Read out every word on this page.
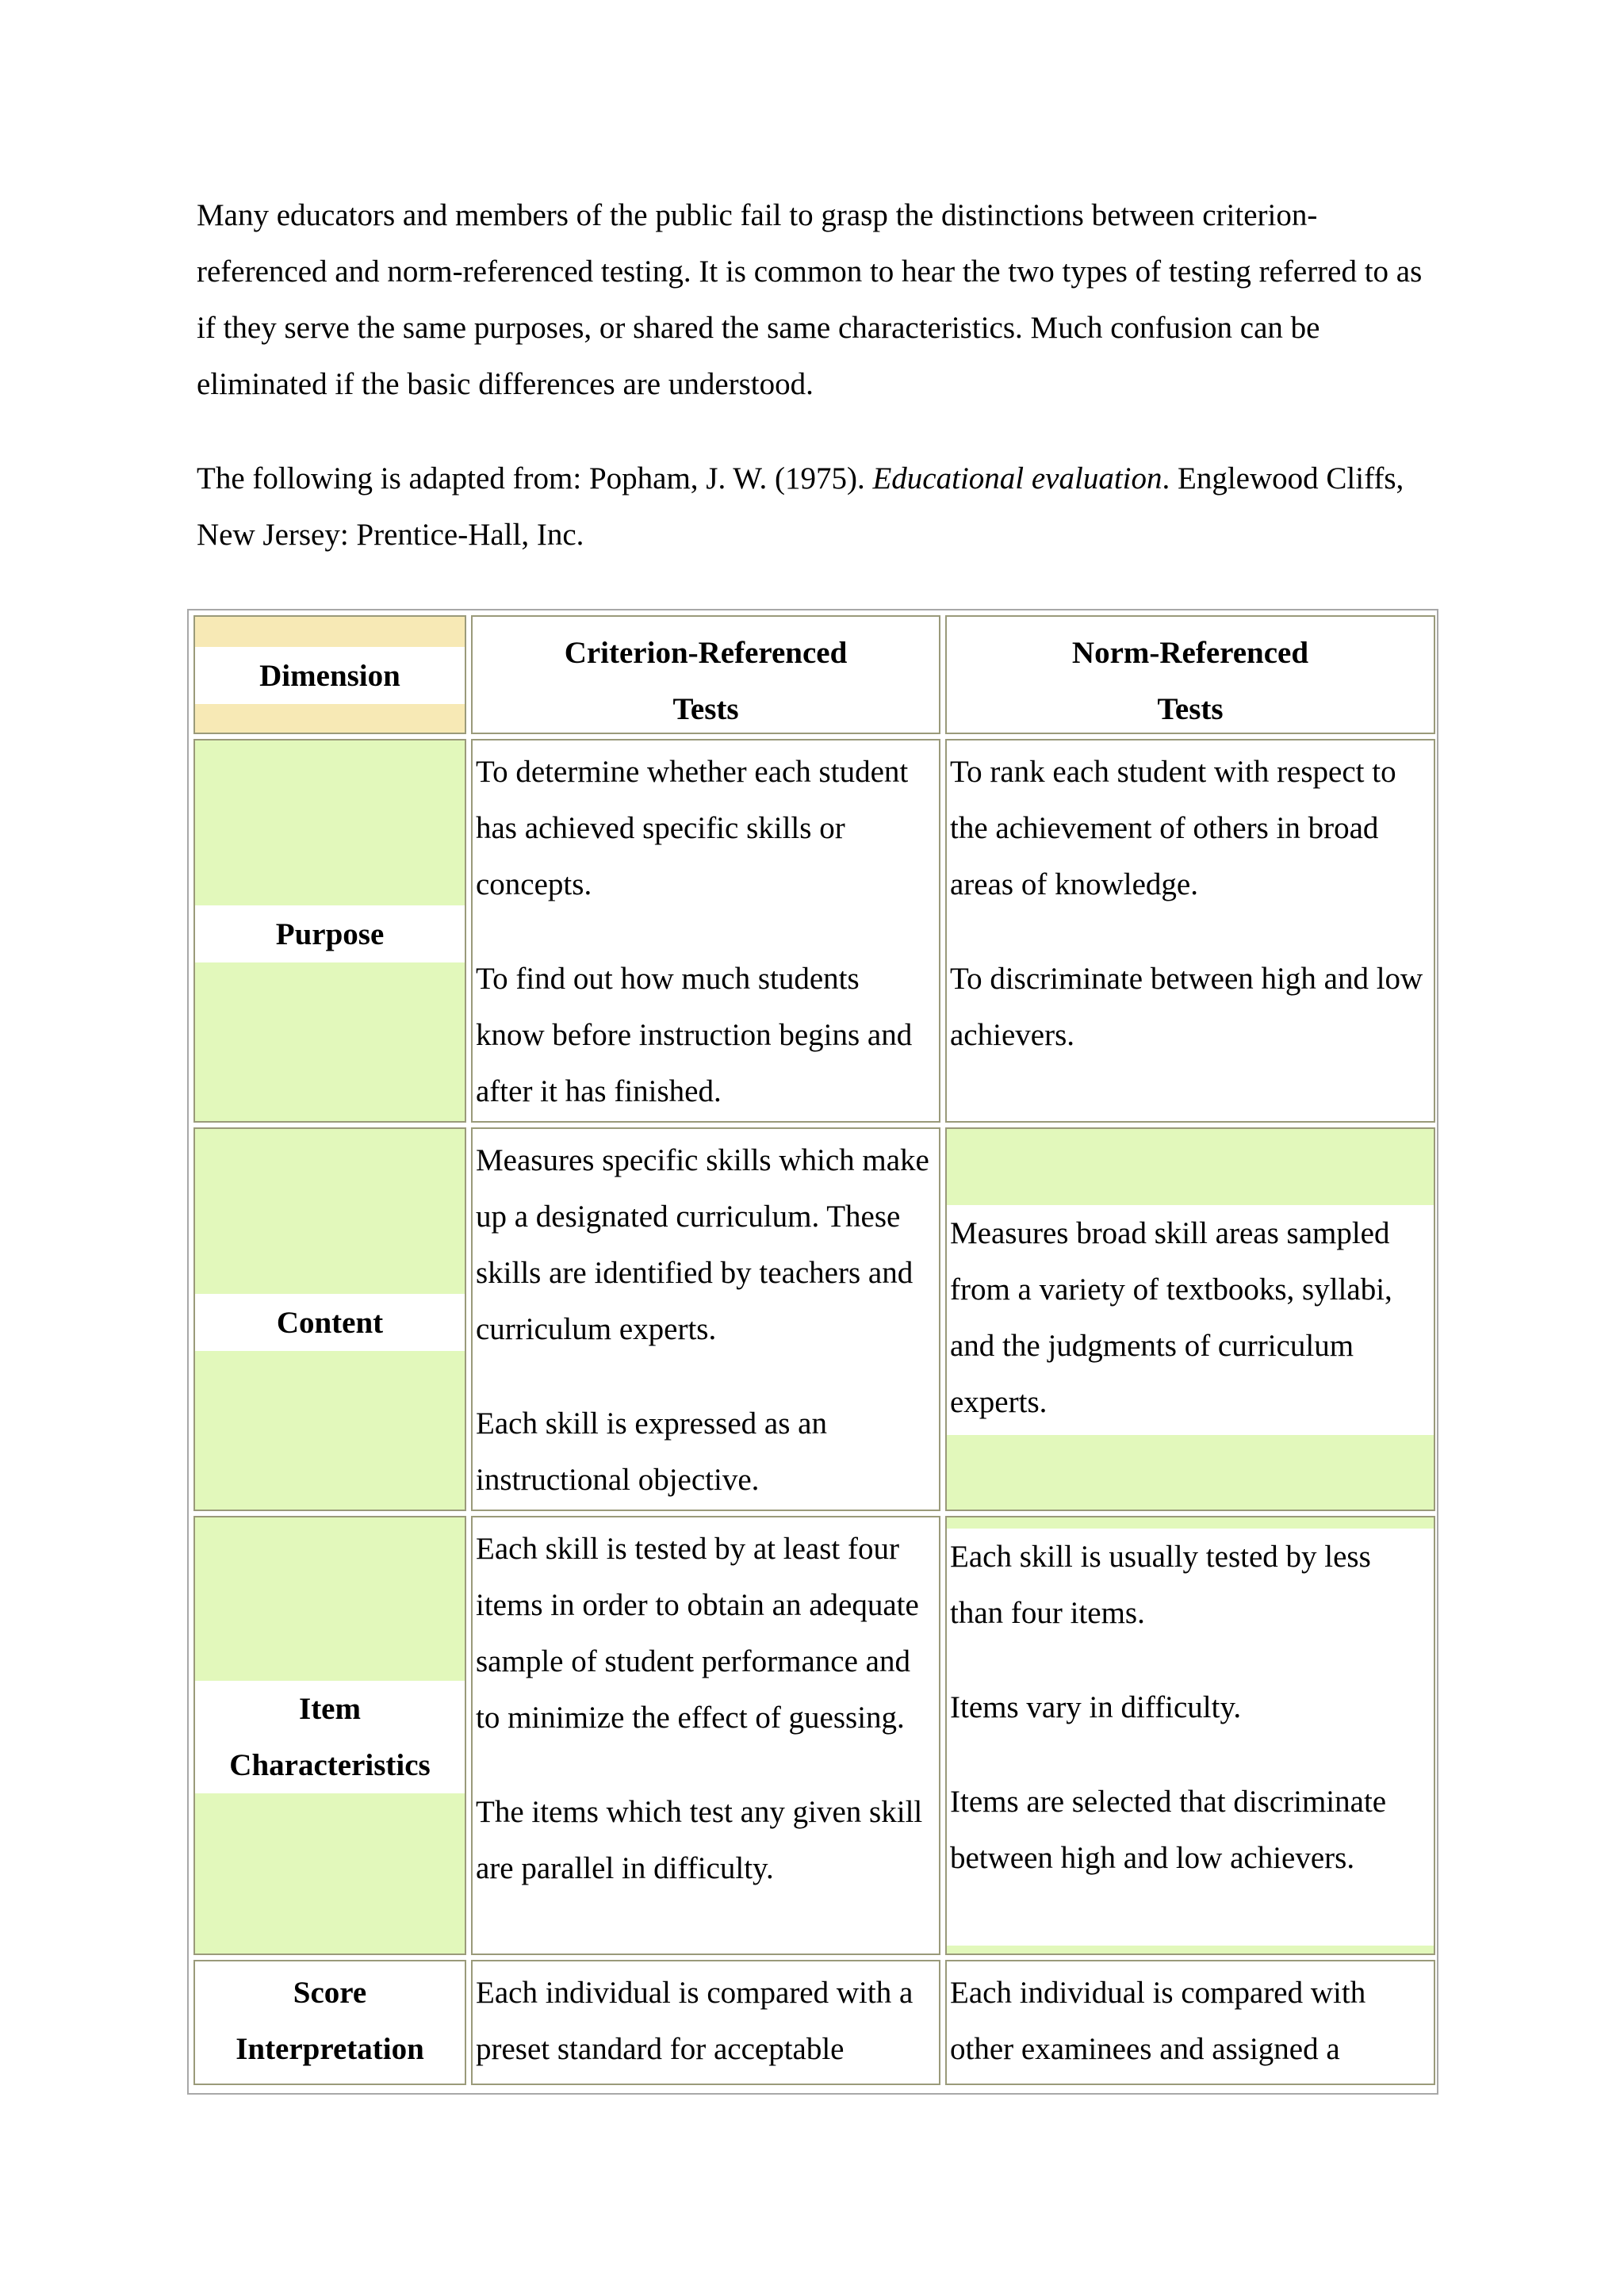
Many educators and members of the public fail to grasp the distinctions between criterion-referenced and norm-referenced testing. It is common to hear the two types of testing referred to as if they serve the same purposes, or shared the same characteristics. Much confusion can be eliminated if the basic differences are understood.

The following is adapted from: Popham, J. W. (1975). Educational evaluation. Englewood Cliffs, New Jersey: Prentice-Hall, Inc.

Dimension
Criterion-Referenced
Tests
Norm-Referenced
Tests
Purpose

To determine whether each student has achieved specific skills or concepts.

To find out how much students know before instruction begins and after it has finished.

To rank each student with respect to the achievement of others in broad areas of knowledge.

To discriminate between high and low achievers.

Content

Measures specific skills which make up a designated curriculum. These skills are identified by teachers and curriculum experts.

Each skill is expressed as an instructional objective.

Measures broad skill areas sampled from a variety of textbooks, syllabi, and the judgments of curriculum experts.
Item
Characteristics

Each skill is tested by at least four items in order to obtain an adequate sample of student performance and to minimize the effect of guessing.

The items which test any given skill are parallel in difficulty.

Each skill is usually tested by less than four items.

Items vary in difficulty.

Items are selected that discriminate between high and low achievers.

Score
Interpretation

Each individual is compared with a preset standard for acceptable

Each individual is compared with other examinees and assigned a
